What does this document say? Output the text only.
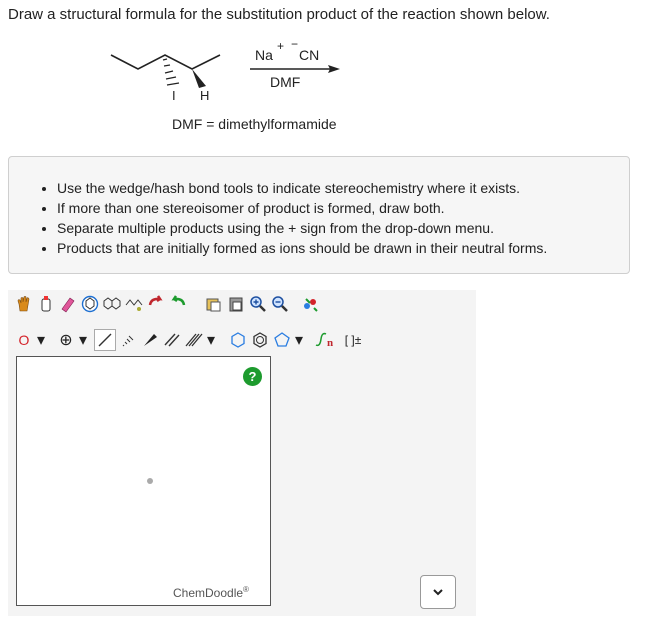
Draw a structural formula for the substitution product of the reaction shown below.
I H
Na
+ −
CN
DMF
DMF = dimethylformamide
• Use the wedge/hash bond tools to indicate stereochemistry where it exists.
• If more than one stereoisomer of product is formed, draw both.
• Separate multiple products using the + sign from the drop-down menu.
• Products that are initially formed as ions should be drawn in their neutral forms.
O ▾ ⊕ ▾	▾	▾ n [ ]±
?
ChemDoodle®
